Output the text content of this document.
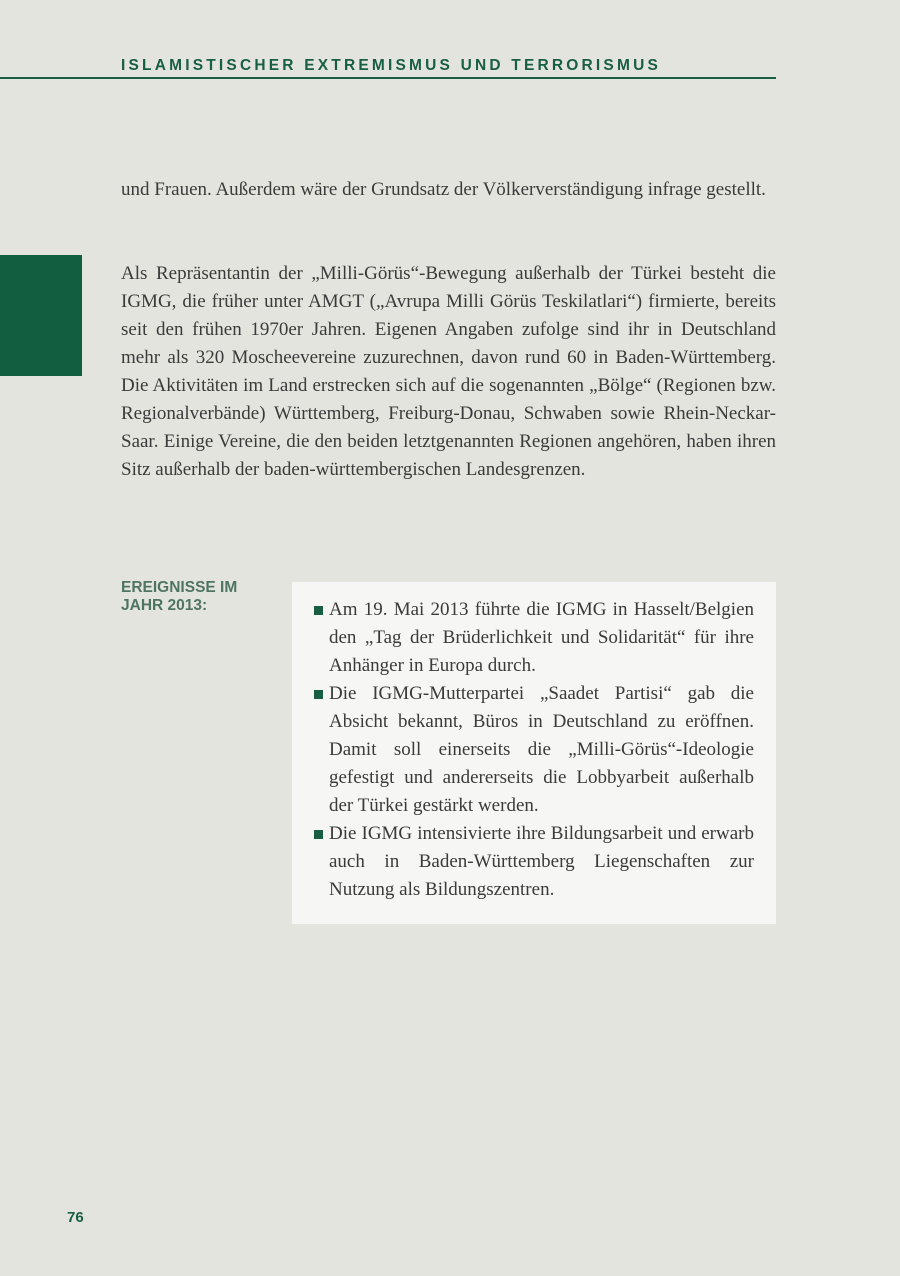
ISLAMISTISCHER EXTREMISMUS UND TERRORISMUS

und Frauen. Außerdem wäre der Grundsatz der Völkerverständigung infrage gestellt.

Als Repräsentantin der „Milli-Görüs“-Bewegung außerhalb der Türkei besteht die IGMG, die früher unter AMGT („Avrupa Milli Görüs Teskilatlari“) firmierte, bereits seit den frühen 1970er Jahren. Eigenen Angaben zufolge sind ihr in Deutschland mehr als 320 Moscheevereine zuzurechnen, davon rund 60 in Baden-Württemberg. Die Aktivitäten im Land erstrecken sich auf die sogenannten „Bölge“ (Regionen bzw. Regionalverbände) Württemberg, Freiburg-Donau, Schwaben sowie Rhein-Neckar-Saar. Einige Vereine, die den beiden letztgenannten Regionen angehören, haben ihren Sitz außerhalb der baden-württembergischen Landesgrenzen.

EREIGNISSE IM
JAHR 2013:	Am 19. Mai 2013 führte die IGMG in Hasselt/Belgien den „Tag der Brüderlichkeit und Solidarität“ für ihre Anhänger in Europa durch.
Die IGMG-Mutterpartei „Saadet Partisi“ gab die Absicht bekannt, Büros in Deutschland zu eröffnen. Damit soll einerseits die „Milli-Görüs“-Ideologie gefestigt und andererseits die Lobbyarbeit außerhalb der Türkei gestärkt werden.
Die IGMG intensivierte ihre Bildungsarbeit und erwarb auch in Baden-Württemberg Liegenschaften zur Nutzung als Bildungszentren.
76
